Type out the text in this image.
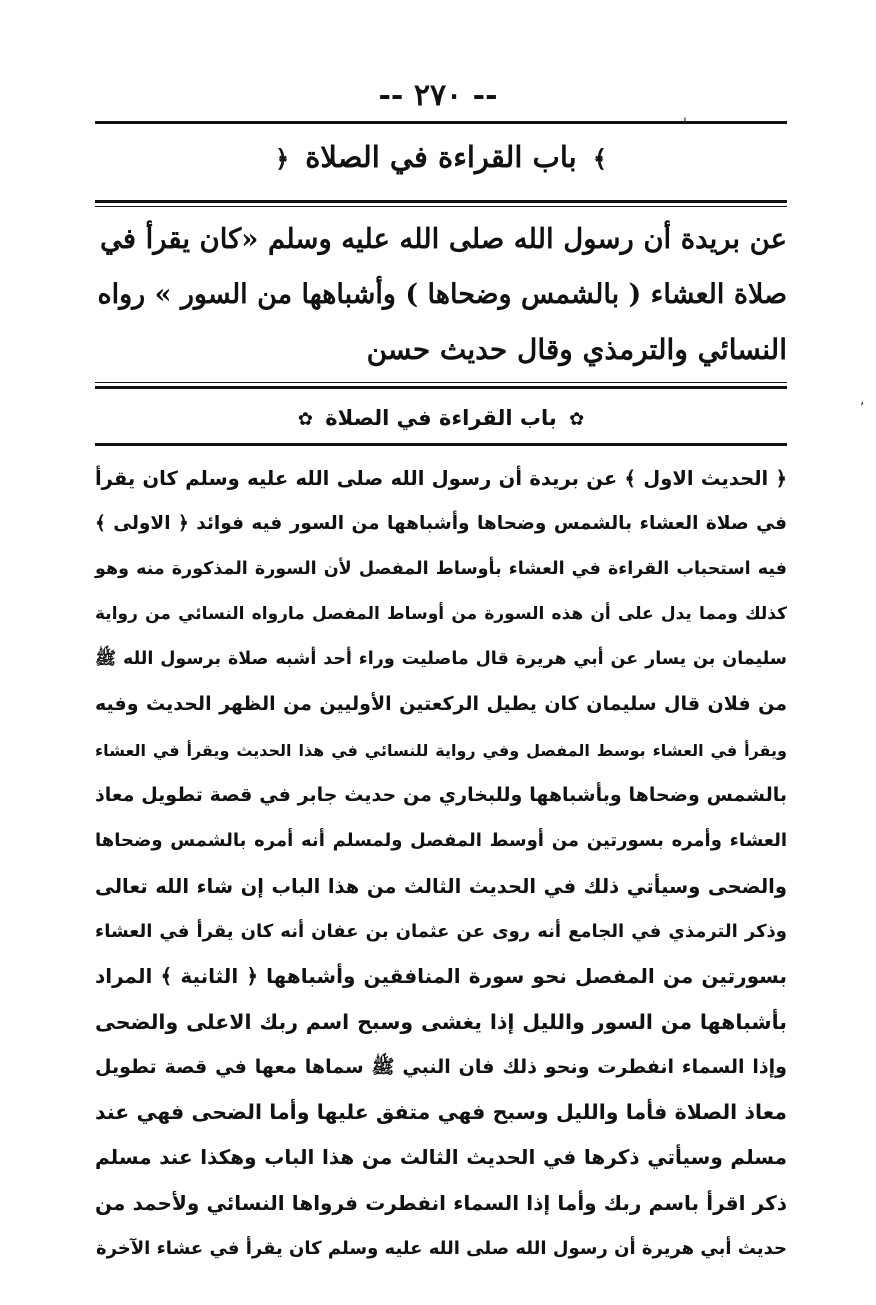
-- ٢٧٠ --
﴾ باب القراءة في الصلاة ﴿
عن بريدة أن رسول الله صلى الله عليه وسلم «كان يقرأ في
صلاة العشاء ( بالشمس وضحاها ) وأشباهها من السور » رواه
النسائي والترمذي وقال حديث حسن
✿ باب القراءة في الصلاة ✿
﴿ الحديث الاول ﴾ عن بريدة أن رسول الله صلى الله عليه وسلم كان يقرأ
في صلاة العشاء بالشمس وضحاها وأشباهها من السور فيه فوائد ﴿ الاولى ﴾
فيه استحباب القراءة في العشاء بأوساط المفصل لأن السورة المذكورة منه وهو
كذلك ومما يدل على أن هذه السورة من أوساط المفصل مارواه النسائي من رواية
سليمان بن يسار عن أبي هريرة قال ماصليت وراء أحد أشبه صلاة برسول الله ﷺ
من فلان قال سليمان كان يطيل الركعتين الأوليين من الظهر الحديث وفيه
ويقرأ في العشاء بوسط المفصل وفي رواية للنسائي في هذا الحديث ويقرأ في العشاء
بالشمس وضحاها وبأشباهها وللبخاري من حديث جابر في قصة تطويل معاذ
العشاء وأمره بسورتين من أوسط المفصل ولمسلم أنه أمره بالشمس وضحاها
والضحى وسيأتي ذلك في الحديث الثالث من هذا الباب إن شاء الله تعالى
وذكر الترمذي في الجامع أنه روى عن عثمان بن عفان أنه كان يقرأ في العشاء
بسورتين من المفصل نحو سورة المنافقين وأشباهها ﴿ الثانية ﴾ المراد
بأشباهها من السور والليل إذا يغشى وسبح اسم ربك الاعلى والضحى
وإذا السماء انفطرت ونحو ذلك فان النبي ﷺ سماها معها في قصة تطويل
معاذ الصلاة فأما والليل وسبح فهي متفق عليها وأما الضحى فهي عند
مسلم وسيأتي ذكرها في الحديث الثالث من هذا الباب وهكذا عند مسلم
ذكر اقرأ باسم ربك وأما إذا السماء انفطرت فرواها النسائي ولأحمد من
حديث أبي هريرة أن رسول الله صلى الله عليه وسلم كان يقرأ في عشاء الآخرة
'
,
